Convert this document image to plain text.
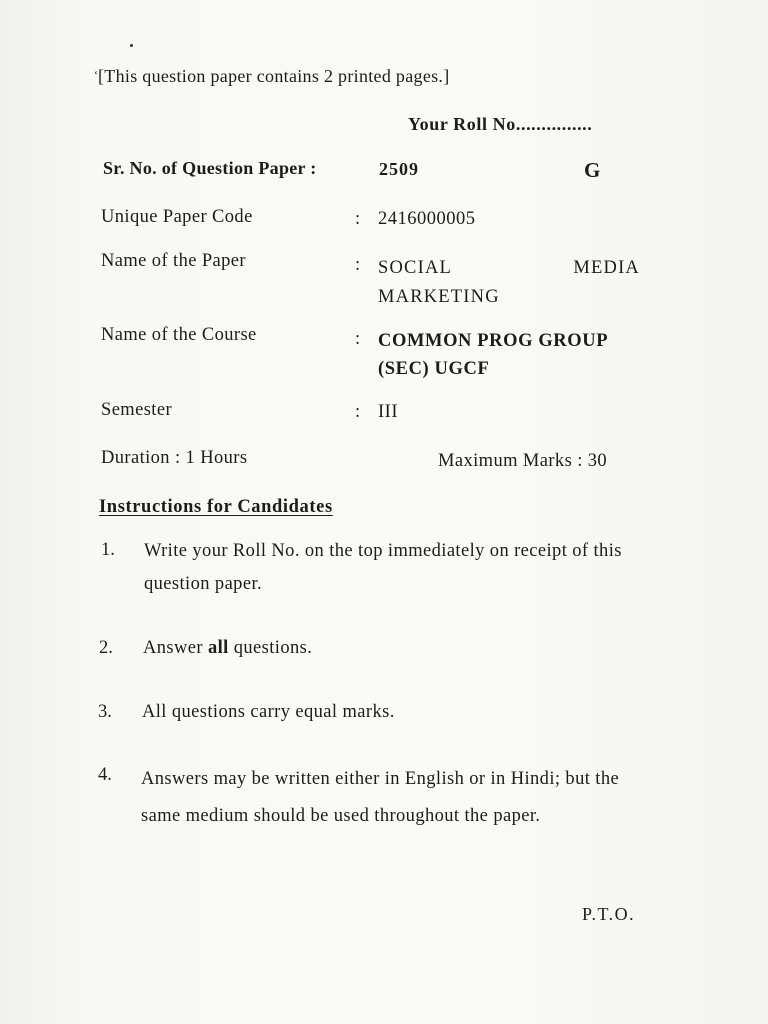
‘ [This question paper contains 2 printed pages.]
Your Roll No...............
Sr. No. of Question Paper :	2509	G
Unique Paper Code	: 2416000005
Name of the Paper	: SOCIAL	MEDIA
MARKETING
Name of the Course	: COMMON PROG GROUP
(SEC) UGCF
Semester	: III
Duration : 1 Hours	Maximum Marks : 30
Instructions for Candidates
1. Write your Roll No. on the top immediately on receipt of this question paper.
2. Answer all questions.
3. All questions carry equal marks.
4. Answers may be written either in English or in Hindi; but the same medium should be used throughout the paper.
P.T.O.
